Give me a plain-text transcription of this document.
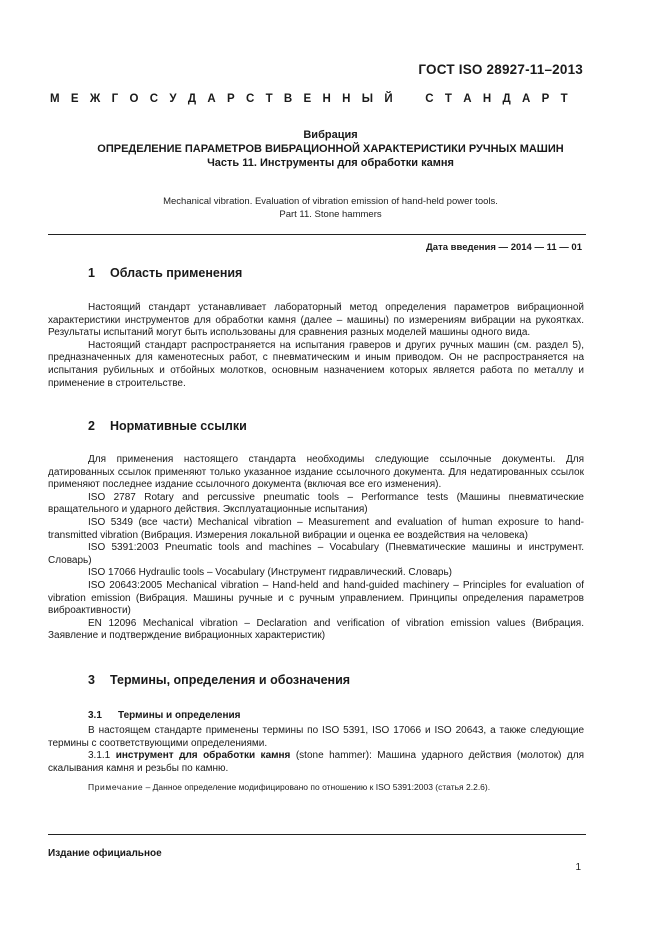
ГОСТ ISO 28927-11–2013
М Е Ж Г О С У Д А Р С Т В Е Н Н Ы Й
	С Т А Н Д А Р Т
Вибрация
ОПРЕДЕЛЕНИЕ ПАРАМЕТРОВ ВИБРАЦИОННОЙ ХАРАКТЕРИСТИКИ РУЧНЫХ МАШИН
Часть 11. Инструменты для обработки камня
Mechanical vibration. Evaluation of vibration emission of hand-held power tools.
Part 11. Stone hammers
Дата введения — 2014 — 11 — 01
1 Область применения

Настоящий стандарт устанавливает лабораторный метод определения параметров вибрационной характеристики инструментов для обработки камня (далее – машины) по измерениям вибрации на рукоятках. Результаты испытаний могут быть использованы для сравнения разных моделей машины одного вида.

Настоящий стандарт распространяется на испытания граверов и других ручных машин (см. раздел 5), предназначенных для каменотесных работ, с пневматическим и иным приводом. Он не распространяется на испытания рубильных и отбойных молотков, основным назначением которых является работа по металлу и применение в строительстве.

2 Нормативные ссылки

Для применения настоящего стандарта необходимы следующие ссылочные документы. Для датированных ссылок применяют только указанное издание ссылочного документа. Для недатированных ссылок применяют последнее издание ссылочного документа (включая все его изменения).

ISO 2787 Rotary and percussive pneumatic tools – Performance tests (Машины пневматические вращательного и ударного действия. Эксплуатационные испытания)

ISO 5349 (все части) Mechanical vibration – Measurement and evaluation of human exposure to hand-transmitted vibration (Вибрация. Измерения локальной вибрации и оценка ее воздействия на человека)

ISO 5391:2003 Pneumatic tools and machines – Vocabulary (Пневматические машины и инструмент. Словарь)

ISO 17066 Hydraulic tools – Vocabulary (Инструмент гидравлический. Словарь)

ISO 20643:2005 Mechanical vibration – Hand-held and hand-guided machinery – Principles for evaluation of vibration emission (Вибрация. Машины ручные и с ручным управлением. Принципы определения параметров виброактивности)

EN 12096 Mechanical vibration – Declaration and verification of vibration emission values (Вибрация. Заявление и подтверждение вибрационных характеристик)

3 Термины, определения и обозначения
3.1 Термины и определения

В настоящем стандарте применены термины по ISO 5391, ISO 17066 и ISO 20643, а также следующие термины с соответствующими определениями.

3.1.1 инструмент для обработки камня (stone hammer): Машина ударного действия (молоток) для скалывания камня и резьбы по камню.

Примечание – Данное определение модифицировано по отношению к ISO 5391:2003 (статья 2.2.6).
Издание официальное
1
